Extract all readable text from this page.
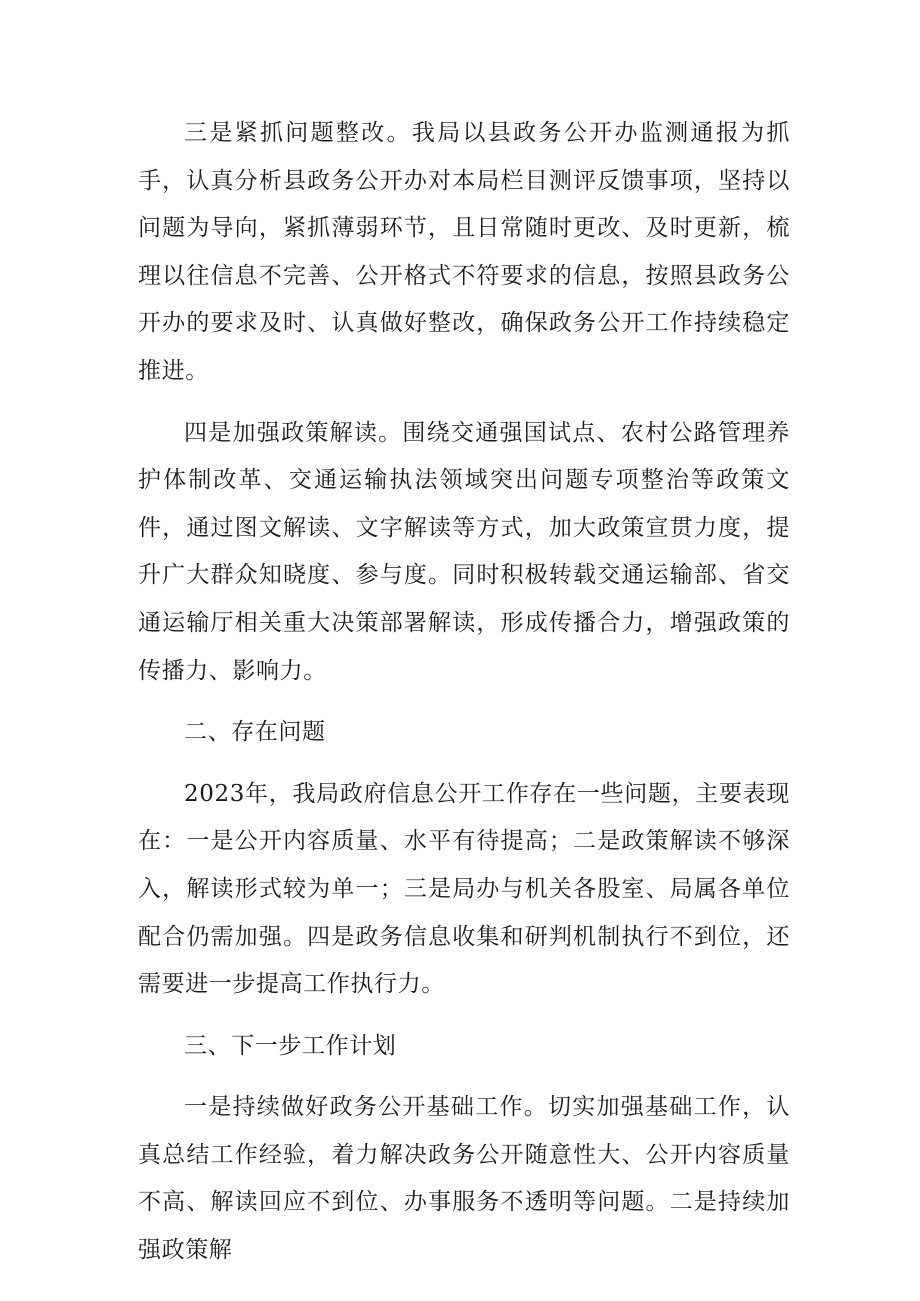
三是紧抓问题整改。我局以县政务公开办监测通报为抓手，认真分析县政务公开办对本局栏目测评反馈事项，坚持以问题为导向，紧抓薄弱环节，且日常随时更改、及时更新，梳理以往信息不完善、公开格式不符要求的信息，按照县政务公开办的要求及时、认真做好整改，确保政务公开工作持续稳定推进。

四是加强政策解读。围绕交通强国试点、农村公路管理养护体制改革、交通运输执法领域突出问题专项整治等政策文件，通过图文解读、文字解读等方式，加大政策宣贯力度，提升广大群众知晓度、参与度。同时积极转载交通运输部、省交通运输厅相关重大决策部署解读，形成传播合力，增强政策的传播力、影响力。

二、存在问题

2023年，我局政府信息公开工作存在一些问题，主要表现在：一是公开内容质量、水平有待提高；二是政策解读不够深入，解读形式较为单一；三是局办与机关各股室、局属各单位配合仍需加强。四是政务信息收集和研判机制执行不到位，还需要进一步提高工作执行力。

三、下一步工作计划

一是持续做好政务公开基础工作。切实加强基础工作，认真总结工作经验，着力解决政务公开随意性大、公开内容质量不高、解读回应不到位、办事服务不透明等问题。二是持续加强政策解
